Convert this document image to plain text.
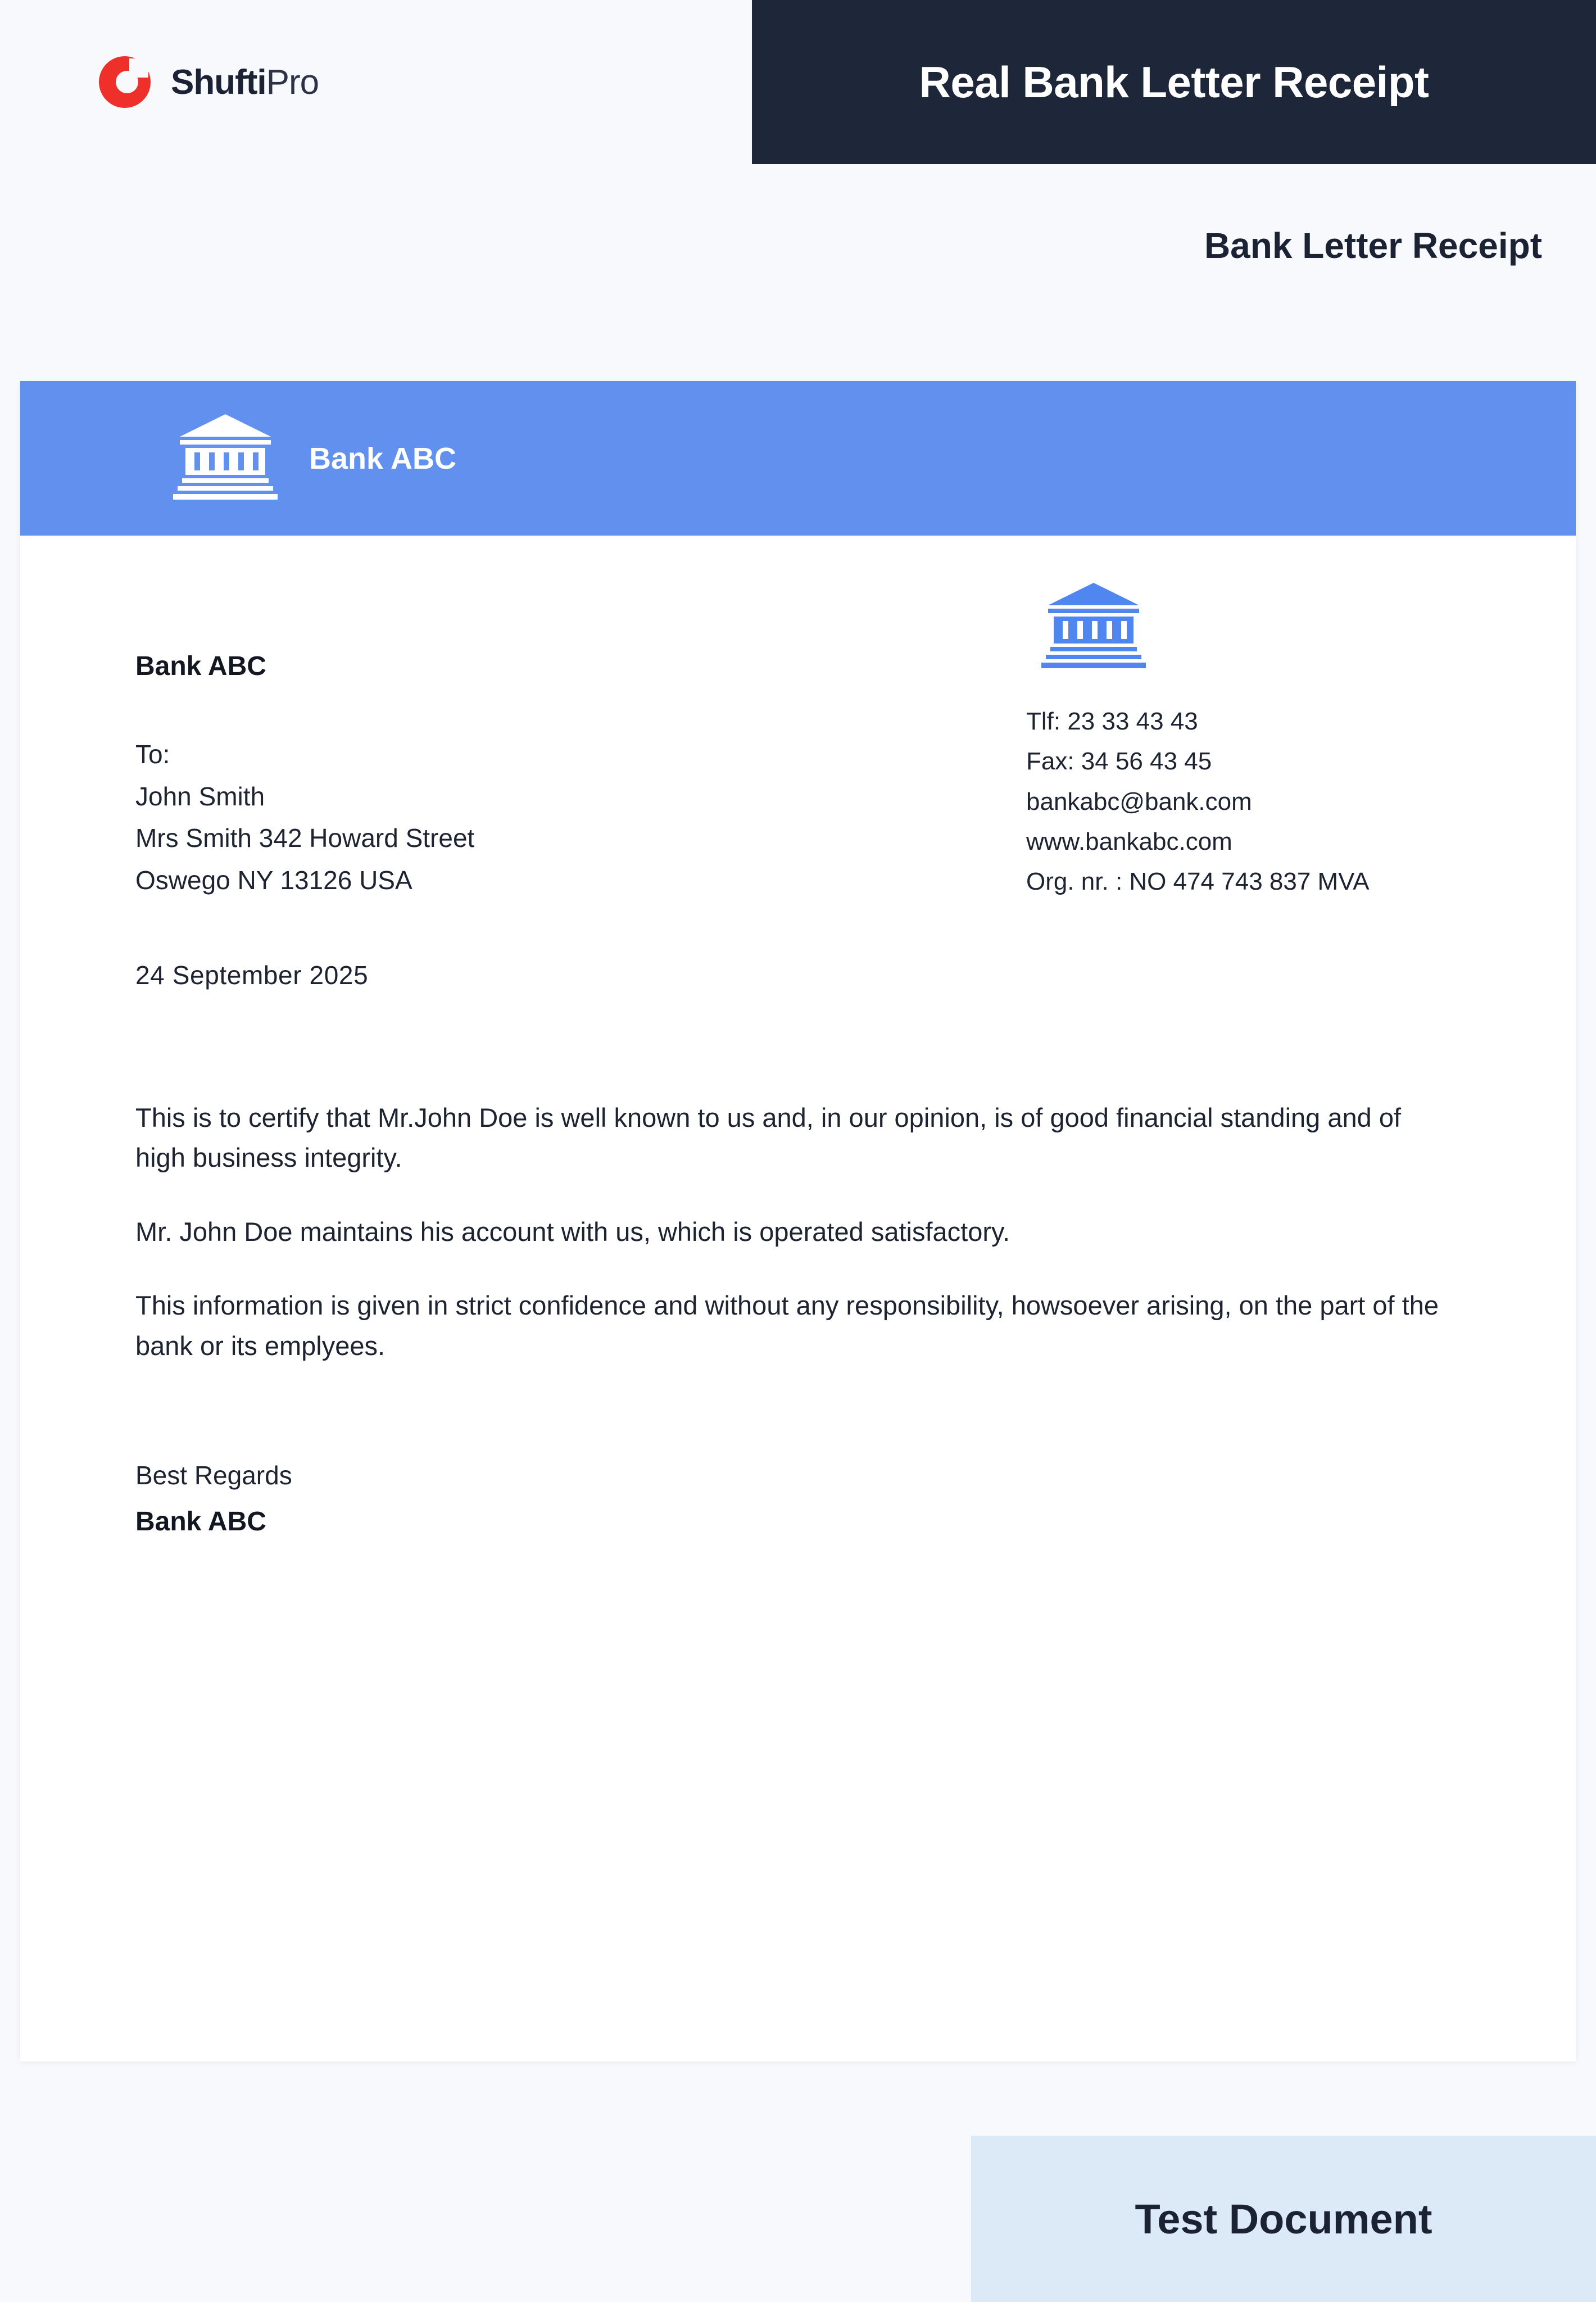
ShuftiPro	Real Bank Letter Receipt
Bank Letter Receipt
Bank ABC
Tlf: 23 33 43 43
Fax: 34 56 43 45
bankabc@bank.com
www.bankabc.com
Org. nr. : NO 474 743 837 MVA
Bank ABC
To:
John Smith
Mrs Smith 342 Howard Street
Oswego NY 13126 USA
24 September 2025

This is to certify that Mr.John Doe is well known to us and, in our opinion, is of good financial standing and of high business integrity.

Mr. John Doe maintains his account with us, which is operated satisfactory.

This information is given in strict confidence and without any responsibility, howsoever arising, on the part of the bank or its emplyees.

Best Regards
Bank ABC
Test Document
